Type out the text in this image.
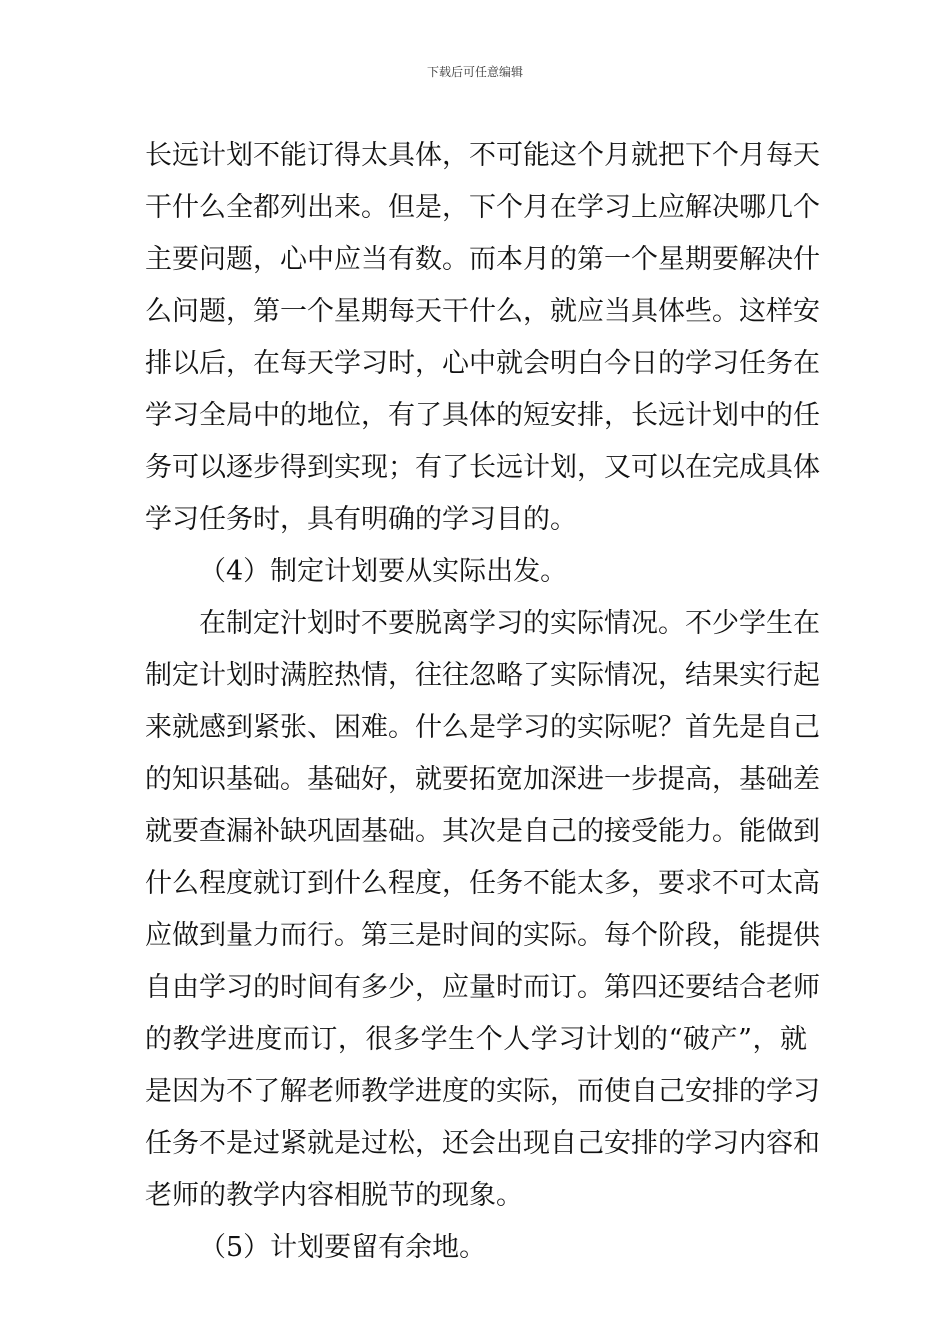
下载后可任意编辑
长远计划不能订得太具体，不可能这个月就把下个月每天
干什么全都列出来。但是，下个月在学习上应解决哪几个
主要问题，心中应当有数。而本月的第一个星期要解决什
么问题，第一个星期每天干什么，就应当具体些。这样安
排以后，在每天学习时，心中就会明白今日的学习任务在
学习全局中的地位，有了具体的短安排，长远计划中的任
务可以逐步得到实现；有了长远计划，又可以在完成具体
学习任务时，具有明确的学习目的。
（4）制定计划要从实际出发。
在制定汁划时不要脱离学习的实际情况。不少学生在
制定计划时满腔热情，往往忽略了实际情况，结果实行起
来就感到紧张、困难。什么是学习的实际呢？首先是自己
的知识基础。基础好，就要拓宽加深进一步提高，基础差
就要查漏补缺巩固基础。其次是自己的接受能力。能做到
什么程度就订到什么程度，任务不能太多，要求不可太高
应做到量力而行。第三是时间的实际。每个阶段，能提供
自由学习的时间有多少，应量时而订。第四还要结合老师
的教学进度而订，很多学生个人学习计划的“破产”，就
是因为不了解老师教学进度的实际，而使自己安排的学习
任务不是过紧就是过松，还会出现自己安排的学习内容和
老师的教学内容相脱节的现象。
（5）计划要留有余地。
